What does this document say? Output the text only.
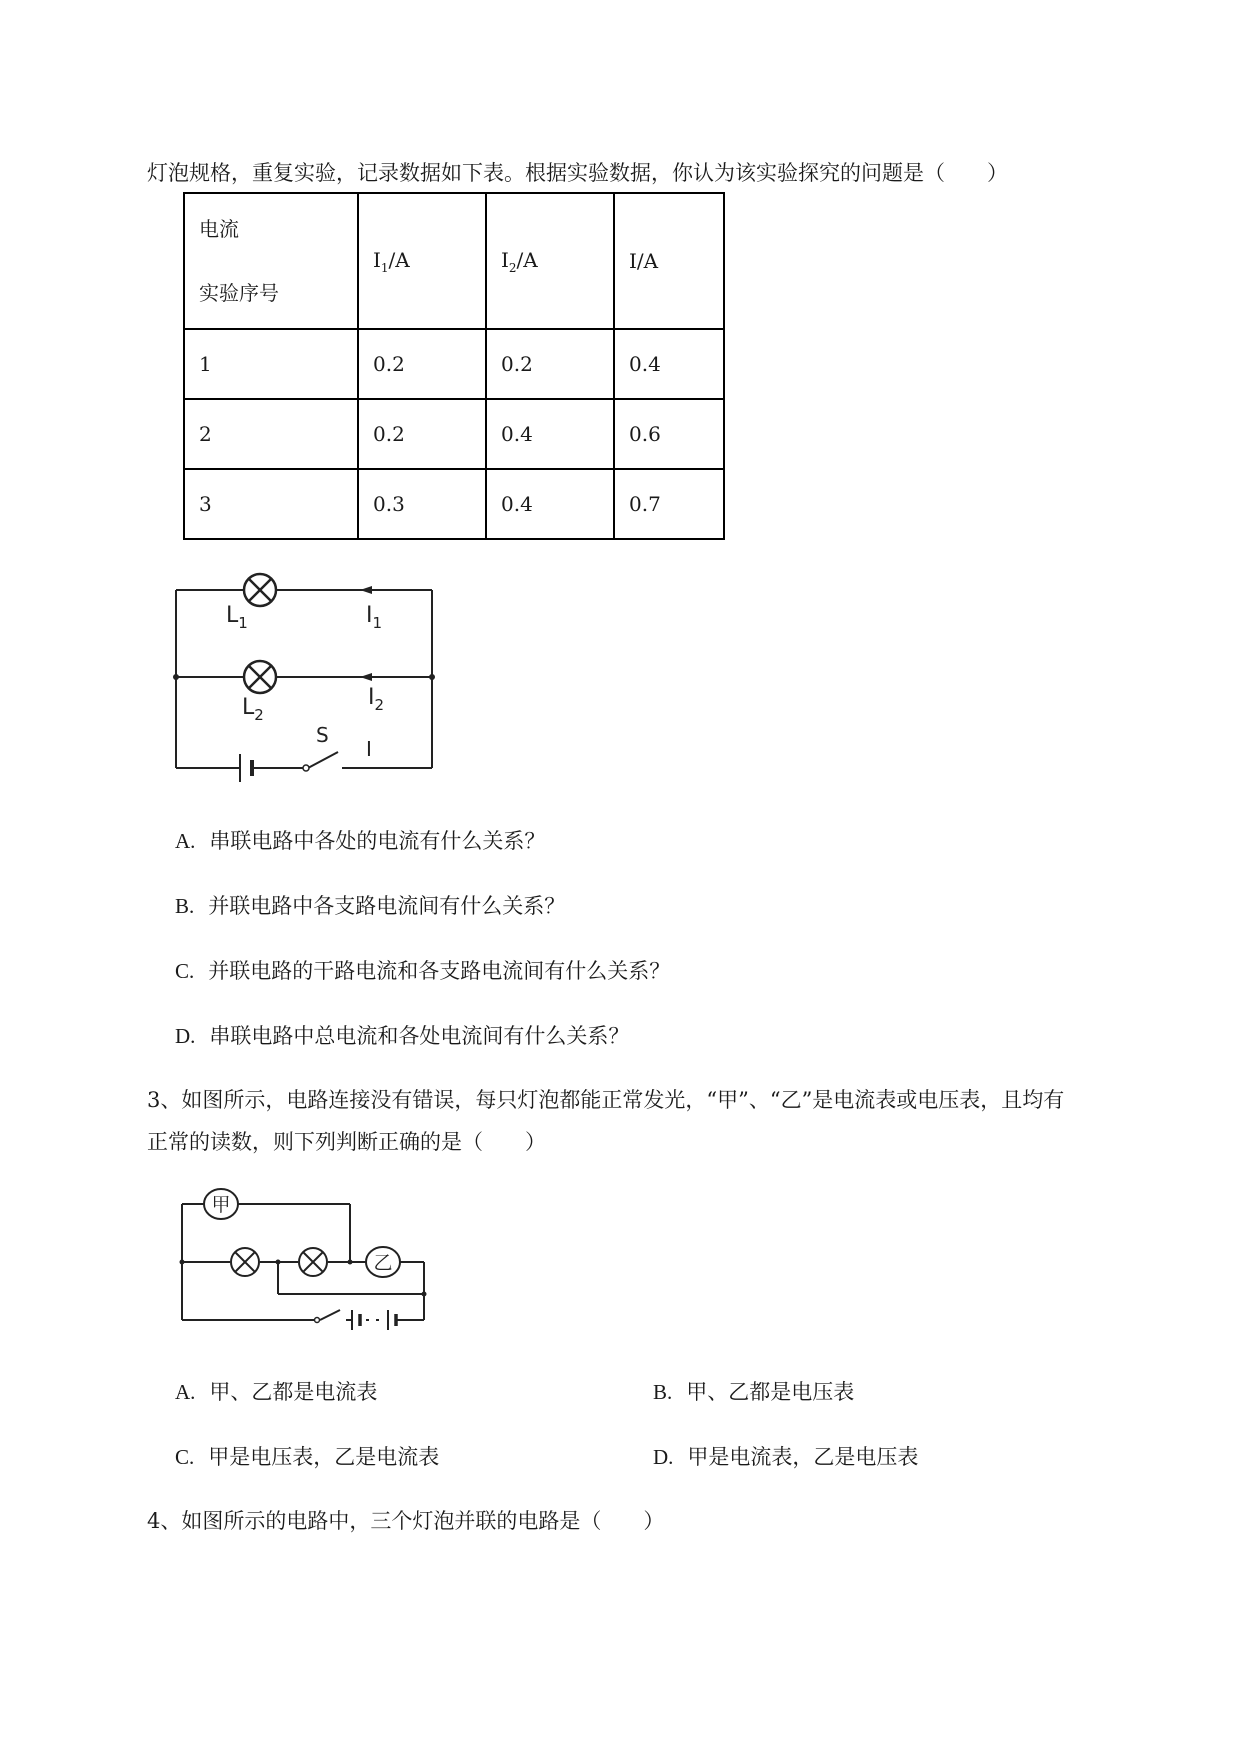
灯泡规格，重复实验，记录数据如下表。根据实验数据，你认为该实验探究的问题是（　　）
电流
实验序号	$I_1/A$	$I_2/A$	I/A
1	0.2	0.2	0.4
2	0.2	0.4	0.6
3	0.3	0.4	0.7
$L_1$	$I_1$
$L_2$
$I_2$
S
I
A. 串联电路中各处的电流有什么关系？
B. 并联电路中各支路电流间有什么关系？
C. 并联电路的干路电流和各支路电流间有什么关系？
D. 串联电路中总电流和各处电流间有什么关系？
3、如图所示，电路连接没有错误，每只灯泡都能正常发光，“甲”、“乙”是电流表或电压表，且均有
正常的读数，则下列判断正确的是（　　）
甲
乙
A. 甲、乙都是电流表	B. 甲、乙都是电压表
C. 甲是电压表，乙是电流表	D. 甲是电流表，乙是电压表
4、如图所示的电路中，三个灯泡并联的电路是（　　）
